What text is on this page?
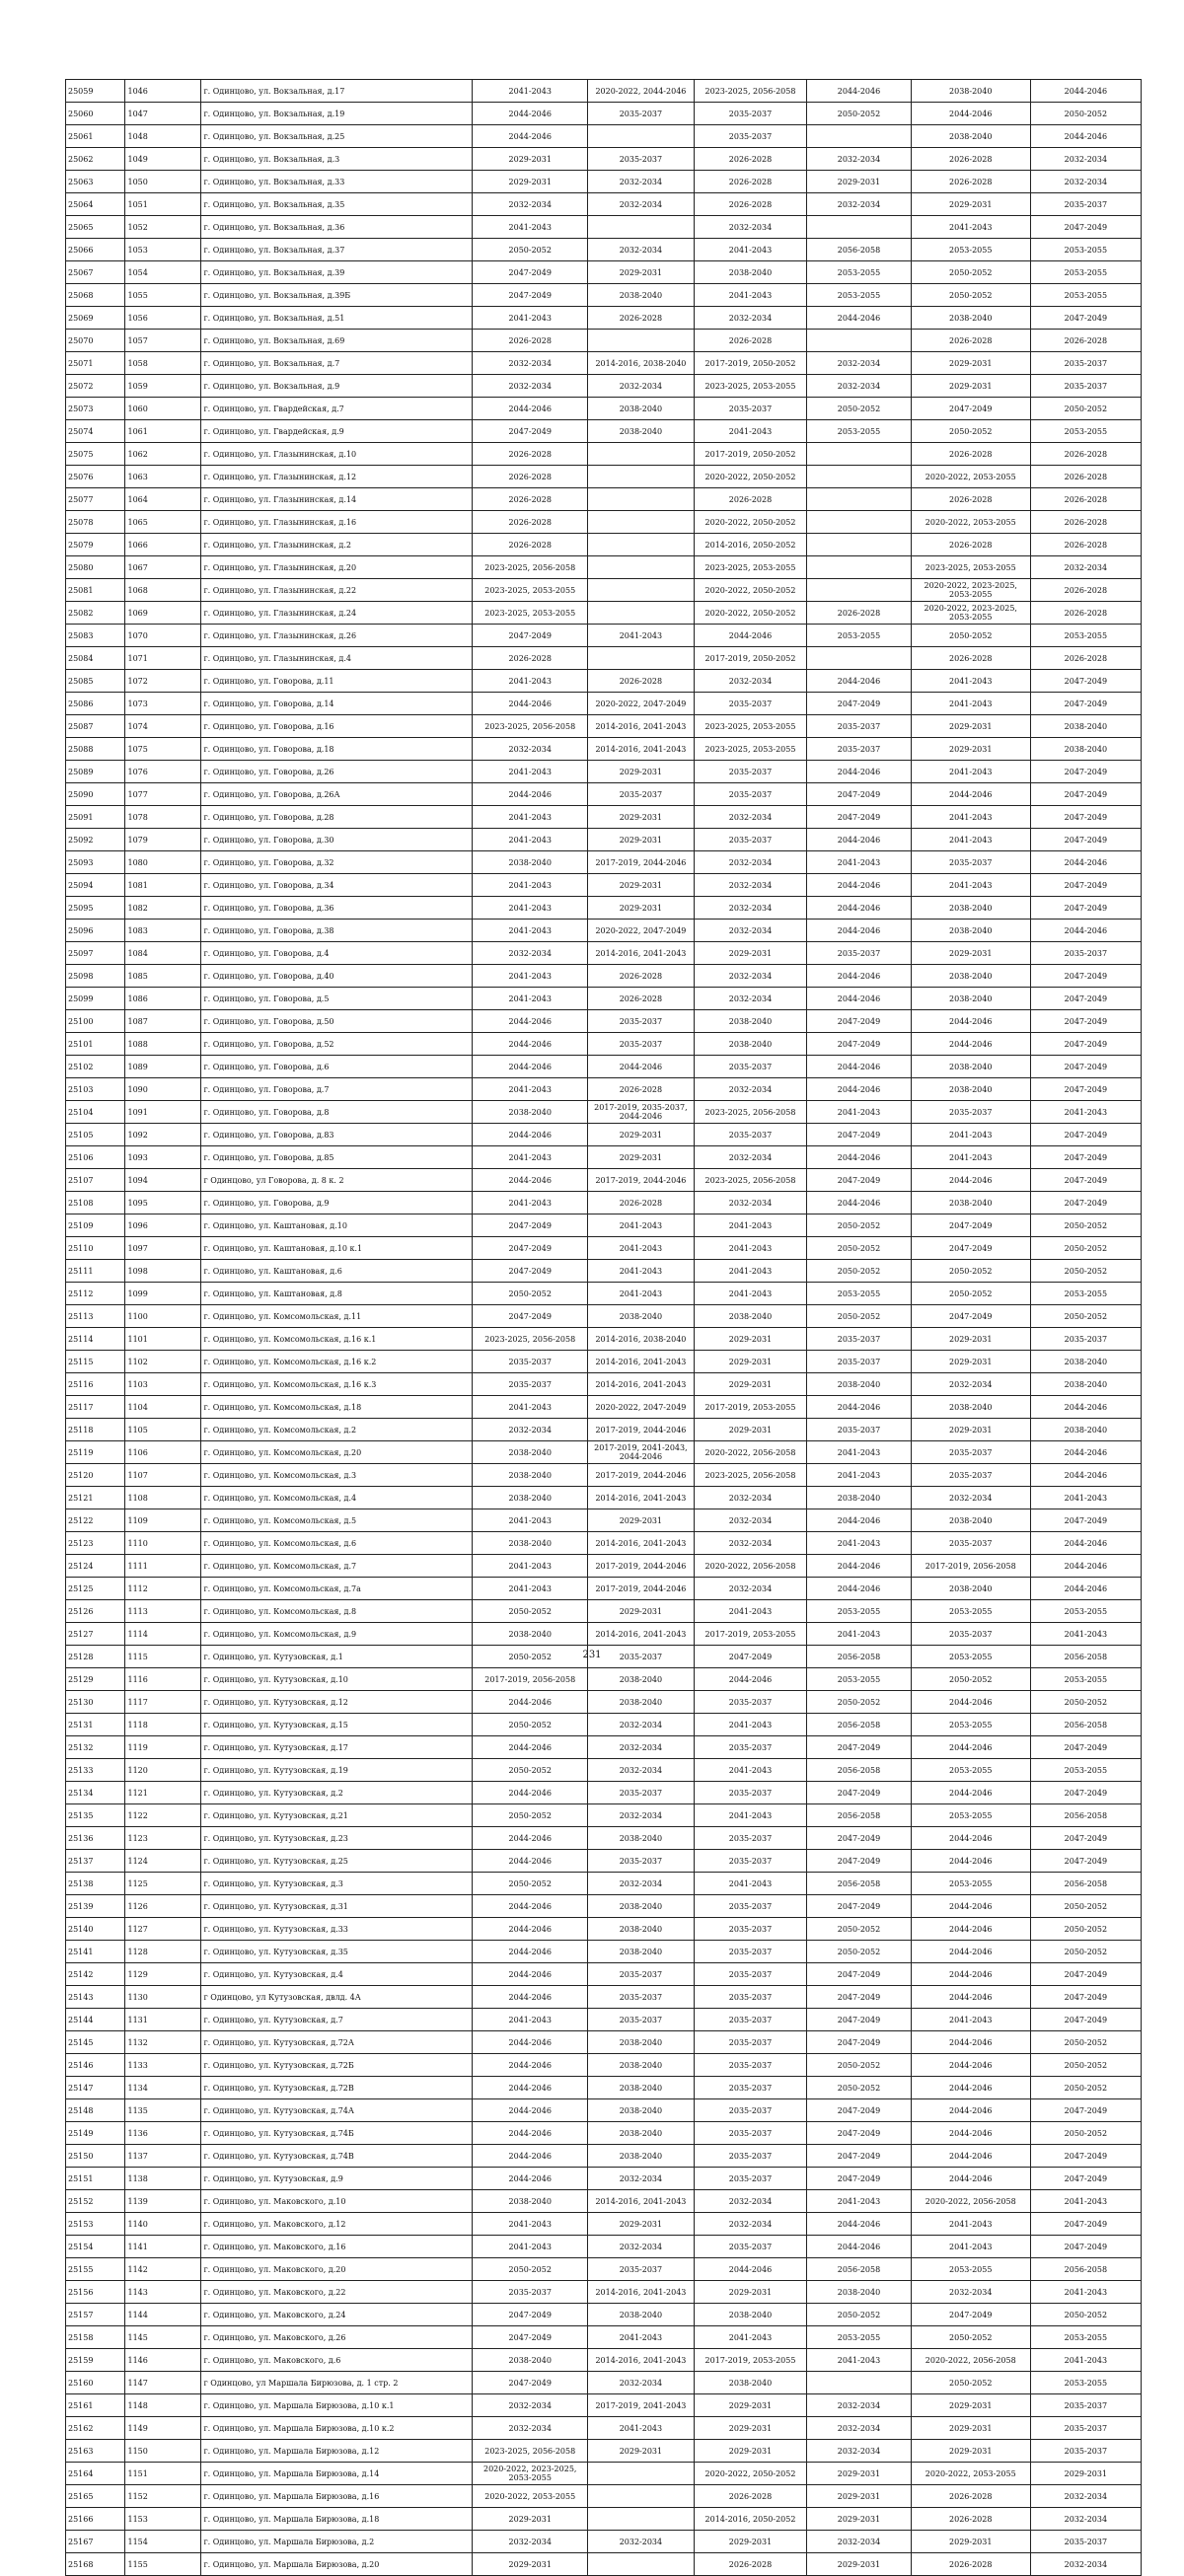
25059	1046	г. Одинцово, ул. Вокзальная, д.17	2041-2043	2020-2022, 2044-2046	2023-2025, 2056-2058	2044-2046	2038-2040	2044-2046
25060	1047	г. Одинцово, ул. Вокзальная, д.19	2044-2046	2035-2037	2035-2037	2050-2052	2044-2046	2050-2052
25061	1048	г. Одинцово, ул. Вокзальная, д.25	2044-2046		2035-2037		2038-2040	2044-2046
25062	1049	г. Одинцово, ул. Вокзальная, д.3	2029-2031	2035-2037	2026-2028	2032-2034	2026-2028	2032-2034
25063	1050	г. Одинцово, ул. Вокзальная, д.33	2029-2031	2032-2034	2026-2028	2029-2031	2026-2028	2032-2034
25064	1051	г. Одинцово, ул. Вокзальная, д.35	2032-2034	2032-2034	2026-2028	2032-2034	2029-2031	2035-2037
25065	1052	г. Одинцово, ул. Вокзальная, д.36	2041-2043		2032-2034		2041-2043	2047-2049
25066	1053	г. Одинцово, ул. Вокзальная, д.37	2050-2052	2032-2034	2041-2043	2056-2058	2053-2055	2053-2055
25067	1054	г. Одинцово, ул. Вокзальная, д.39	2047-2049	2029-2031	2038-2040	2053-2055	2050-2052	2053-2055
25068	1055	г. Одинцово, ул. Вокзальная, д.39Б	2047-2049	2038-2040	2041-2043	2053-2055	2050-2052	2053-2055
25069	1056	г. Одинцово, ул. Вокзальная, д.51	2041-2043	2026-2028	2032-2034	2044-2046	2038-2040	2047-2049
25070	1057	г. Одинцово, ул. Вокзальная, д.69	2026-2028		2026-2028		2026-2028	2026-2028
25071	1058	г. Одинцово, ул. Вокзальная, д.7	2032-2034	2014-2016, 2038-2040	2017-2019, 2050-2052	2032-2034	2029-2031	2035-2037
25072	1059	г. Одинцово, ул. Вокзальная, д.9	2032-2034	2032-2034	2023-2025, 2053-2055	2032-2034	2029-2031	2035-2037
25073	1060	г. Одинцово, ул. Гвардейская, д.7	2044-2046	2038-2040	2035-2037	2050-2052	2047-2049	2050-2052
25074	1061	г. Одинцово, ул. Гвардейская, д.9	2047-2049	2038-2040	2041-2043	2053-2055	2050-2052	2053-2055
25075	1062	г. Одинцово, ул. Глазынинская, д.10	2026-2028		2017-2019, 2050-2052		2026-2028	2026-2028
25076	1063	г. Одинцово, ул. Глазынинская, д.12	2026-2028		2020-2022, 2050-2052		2020-2022, 2053-2055	2026-2028
25077	1064	г. Одинцово, ул. Глазынинская, д.14	2026-2028		2026-2028		2026-2028	2026-2028
25078	1065	г. Одинцово, ул. Глазынинская, д.16	2026-2028		2020-2022, 2050-2052		2020-2022, 2053-2055	2026-2028
25079	1066	г. Одинцово, ул. Глазынинская, д.2	2026-2028		2014-2016, 2050-2052		2026-2028	2026-2028
25080	1067	г. Одинцово, ул. Глазынинская, д.20	2023-2025, 2056-2058		2023-2025, 2053-2055		2023-2025, 2053-2055	2032-2034
25081	1068	г. Одинцово, ул. Глазынинская, д.22	2023-2025, 2053-2055		2020-2022, 2050-2052		2020-2022, 2023-2025, 2053-2055	2026-2028
25082	1069	г. Одинцово, ул. Глазынинская, д.24	2023-2025, 2053-2055		2020-2022, 2050-2052	2026-2028	2020-2022, 2023-2025, 2053-2055	2026-2028
25083	1070	г. Одинцово, ул. Глазынинская, д.26	2047-2049	2041-2043	2044-2046	2053-2055	2050-2052	2053-2055
25084	1071	г. Одинцово, ул. Глазынинская, д.4	2026-2028		2017-2019, 2050-2052		2026-2028	2026-2028
25085	1072	г. Одинцово, ул. Говорова, д.11	2041-2043	2026-2028	2032-2034	2044-2046	2041-2043	2047-2049
25086	1073	г. Одинцово, ул. Говорова, д.14	2044-2046	2020-2022, 2047-2049	2035-2037	2047-2049	2041-2043	2047-2049
25087	1074	г. Одинцово, ул. Говорова, д.16	2023-2025, 2056-2058	2014-2016, 2041-2043	2023-2025, 2053-2055	2035-2037	2029-2031	2038-2040
25088	1075	г. Одинцово, ул. Говорова, д.18	2032-2034	2014-2016, 2041-2043	2023-2025, 2053-2055	2035-2037	2029-2031	2038-2040
25089	1076	г. Одинцово, ул. Говорова, д.26	2041-2043	2029-2031	2035-2037	2044-2046	2041-2043	2047-2049
25090	1077	г. Одинцово, ул. Говорова, д.26А	2044-2046	2035-2037	2035-2037	2047-2049	2044-2046	2047-2049
25091	1078	г. Одинцово, ул. Говорова, д.28	2041-2043	2029-2031	2032-2034	2047-2049	2041-2043	2047-2049
25092	1079	г. Одинцово, ул. Говорова, д.30	2041-2043	2029-2031	2035-2037	2044-2046	2041-2043	2047-2049
25093	1080	г. Одинцово, ул. Говорова, д.32	2038-2040	2017-2019, 2044-2046	2032-2034	2041-2043	2035-2037	2044-2046
25094	1081	г. Одинцово, ул. Говорова, д.34	2041-2043	2029-2031	2032-2034	2044-2046	2041-2043	2047-2049
25095	1082	г. Одинцово, ул. Говорова, д.36	2041-2043	2029-2031	2032-2034	2044-2046	2038-2040	2047-2049
25096	1083	г. Одинцово, ул. Говорова, д.38	2041-2043	2020-2022, 2047-2049	2032-2034	2044-2046	2038-2040	2044-2046
25097	1084	г. Одинцово, ул. Говорова, д.4	2032-2034	2014-2016, 2041-2043	2029-2031	2035-2037	2029-2031	2035-2037
25098	1085	г. Одинцово, ул. Говорова, д.40	2041-2043	2026-2028	2032-2034	2044-2046	2038-2040	2047-2049
25099	1086	г. Одинцово, ул. Говорова, д.5	2041-2043	2026-2028	2032-2034	2044-2046	2038-2040	2047-2049
25100	1087	г. Одинцово, ул. Говорова, д.50	2044-2046	2035-2037	2038-2040	2047-2049	2044-2046	2047-2049
25101	1088	г. Одинцово, ул. Говорова, д.52	2044-2046	2035-2037	2038-2040	2047-2049	2044-2046	2047-2049
25102	1089	г. Одинцово, ул. Говорова, д.6	2044-2046	2044-2046	2035-2037	2044-2046	2038-2040	2047-2049
25103	1090	г. Одинцово, ул. Говорова, д.7	2041-2043	2026-2028	2032-2034	2044-2046	2038-2040	2047-2049
25104	1091	г. Одинцово, ул. Говорова, д.8	2038-2040	2017-2019, 2035-2037, 2044-2046	2023-2025, 2056-2058	2041-2043	2035-2037	2041-2043
25105	1092	г. Одинцово, ул. Говорова, д.83	2044-2046	2029-2031	2035-2037	2047-2049	2041-2043	2047-2049
25106	1093	г. Одинцово, ул. Говорова, д.85	2041-2043	2029-2031	2032-2034	2044-2046	2041-2043	2047-2049
25107	1094	г Одинцово, ул Говорова, д. 8 к. 2	2044-2046	2017-2019, 2044-2046	2023-2025, 2056-2058	2047-2049	2044-2046	2047-2049
25108	1095	г. Одинцово, ул. Говорова, д.9	2041-2043	2026-2028	2032-2034	2044-2046	2038-2040	2047-2049
25109	1096	г. Одинцово, ул. Каштановая, д.10	2047-2049	2041-2043	2041-2043	2050-2052	2047-2049	2050-2052
25110	1097	г. Одинцово, ул. Каштановая, д.10 к.1	2047-2049	2041-2043	2041-2043	2050-2052	2047-2049	2050-2052
25111	1098	г. Одинцово, ул. Каштановая, д.6	2047-2049	2041-2043	2041-2043	2050-2052	2050-2052	2050-2052
25112	1099	г. Одинцово, ул. Каштановая, д.8	2050-2052	2041-2043	2041-2043	2053-2055	2050-2052	2053-2055
25113	1100	г. Одинцово, ул. Комсомольская, д.11	2047-2049	2038-2040	2038-2040	2050-2052	2047-2049	2050-2052
25114	1101	г. Одинцово, ул. Комсомольская, д.16 к.1	2023-2025, 2056-2058	2014-2016, 2038-2040	2029-2031	2035-2037	2029-2031	2035-2037
25115	1102	г. Одинцово, ул. Комсомольская, д.16 к.2	2035-2037	2014-2016, 2041-2043	2029-2031	2035-2037	2029-2031	2038-2040
25116	1103	г. Одинцово, ул. Комсомольская, д.16 к.3	2035-2037	2014-2016, 2041-2043	2029-2031	2038-2040	2032-2034	2038-2040
25117	1104	г. Одинцово, ул. Комсомольская, д.18	2041-2043	2020-2022, 2047-2049	2017-2019, 2053-2055	2044-2046	2038-2040	2044-2046
25118	1105	г. Одинцово, ул. Комсомольская, д.2	2032-2034	2017-2019, 2044-2046	2029-2031	2035-2037	2029-2031	2038-2040
25119	1106	г. Одинцово, ул. Комсомольская, д.20	2038-2040	2017-2019, 2041-2043, 2044-2046	2020-2022, 2056-2058	2041-2043	2035-2037	2044-2046
25120	1107	г. Одинцово, ул. Комсомольская, д.3	2038-2040	2017-2019, 2044-2046	2023-2025, 2056-2058	2041-2043	2035-2037	2044-2046
25121	1108	г. Одинцово, ул. Комсомольская, д.4	2038-2040	2014-2016, 2041-2043	2032-2034	2038-2040	2032-2034	2041-2043
25122	1109	г. Одинцово, ул. Комсомольская, д.5	2041-2043	2029-2031	2032-2034	2044-2046	2038-2040	2047-2049
25123	1110	г. Одинцово, ул. Комсомольская, д.6	2038-2040	2014-2016, 2041-2043	2032-2034	2041-2043	2035-2037	2044-2046
25124	1111	г. Одинцово, ул. Комсомольская, д.7	2041-2043	2017-2019, 2044-2046	2020-2022, 2056-2058	2044-2046	2017-2019, 2056-2058	2044-2046
25125	1112	г. Одинцово, ул. Комсомольская, д.7а	2041-2043	2017-2019, 2044-2046	2032-2034	2044-2046	2038-2040	2044-2046
25126	1113	г. Одинцово, ул. Комсомольская, д.8	2050-2052	2029-2031	2041-2043	2053-2055	2053-2055	2053-2055
25127	1114	г. Одинцово, ул. Комсомольская, д.9	2038-2040	2014-2016, 2041-2043	2017-2019, 2053-2055	2041-2043	2035-2037	2041-2043
25128	1115	г. Одинцово, ул. Кутузовская, д.1	2050-2052	2035-2037	2047-2049	2056-2058	2053-2055	2056-2058
25129	1116	г. Одинцово, ул. Кутузовская, д.10	2017-2019, 2056-2058	2038-2040	2044-2046	2053-2055	2050-2052	2053-2055
25130	1117	г. Одинцово, ул. Кутузовская, д.12	2044-2046	2038-2040	2035-2037	2050-2052	2044-2046	2050-2052
25131	1118	г. Одинцово, ул. Кутузовская, д.15	2050-2052	2032-2034	2041-2043	2056-2058	2053-2055	2056-2058
25132	1119	г. Одинцово, ул. Кутузовская, д.17	2044-2046	2032-2034	2035-2037	2047-2049	2044-2046	2047-2049
25133	1120	г. Одинцово, ул. Кутузовская, д.19	2050-2052	2032-2034	2041-2043	2056-2058	2053-2055	2053-2055
25134	1121	г. Одинцово, ул. Кутузовская, д.2	2044-2046	2035-2037	2035-2037	2047-2049	2044-2046	2047-2049
25135	1122	г. Одинцово, ул. Кутузовская, д.21	2050-2052	2032-2034	2041-2043	2056-2058	2053-2055	2056-2058
25136	1123	г. Одинцово, ул. Кутузовская, д.23	2044-2046	2038-2040	2035-2037	2047-2049	2044-2046	2047-2049
25137	1124	г. Одинцово, ул. Кутузовская, д.25	2044-2046	2035-2037	2035-2037	2047-2049	2044-2046	2047-2049
25138	1125	г. Одинцово, ул. Кутузовская, д.3	2050-2052	2032-2034	2041-2043	2056-2058	2053-2055	2056-2058
25139	1126	г. Одинцово, ул. Кутузовская, д.31	2044-2046	2038-2040	2035-2037	2047-2049	2044-2046	2050-2052
25140	1127	г. Одинцово, ул. Кутузовская, д.33	2044-2046	2038-2040	2035-2037	2050-2052	2044-2046	2050-2052
25141	1128	г. Одинцово, ул. Кутузовская, д.35	2044-2046	2038-2040	2035-2037	2050-2052	2044-2046	2050-2052
25142	1129	г. Одинцово, ул. Кутузовская, д.4	2044-2046	2035-2037	2035-2037	2047-2049	2044-2046	2047-2049
25143	1130	г Одинцово, ул Кутузовская, двлд. 4А	2044-2046	2035-2037	2035-2037	2047-2049	2044-2046	2047-2049
25144	1131	г. Одинцово, ул. Кутузовская, д.7	2041-2043	2035-2037	2035-2037	2047-2049	2041-2043	2047-2049
25145	1132	г. Одинцово, ул. Кутузовская, д.72А	2044-2046	2038-2040	2035-2037	2047-2049	2044-2046	2050-2052
25146	1133	г. Одинцово, ул. Кутузовская, д.72Б	2044-2046	2038-2040	2035-2037	2050-2052	2044-2046	2050-2052
25147	1134	г. Одинцово, ул. Кутузовская, д.72В	2044-2046	2038-2040	2035-2037	2050-2052	2044-2046	2050-2052
25148	1135	г. Одинцово, ул. Кутузовская, д.74А	2044-2046	2038-2040	2035-2037	2047-2049	2044-2046	2047-2049
25149	1136	г. Одинцово, ул. Кутузовская, д.74Б	2044-2046	2038-2040	2035-2037	2047-2049	2044-2046	2050-2052
25150	1137	г. Одинцово, ул. Кутузовская, д.74В	2044-2046	2038-2040	2035-2037	2047-2049	2044-2046	2047-2049
25151	1138	г. Одинцово, ул. Кутузовская, д.9	2044-2046	2032-2034	2035-2037	2047-2049	2044-2046	2047-2049
25152	1139	г. Одинцово, ул. Маковского, д.10	2038-2040	2014-2016, 2041-2043	2032-2034	2041-2043	2020-2022, 2056-2058	2041-2043
25153	1140	г. Одинцово, ул. Маковского, д.12	2041-2043	2029-2031	2032-2034	2044-2046	2041-2043	2047-2049
25154	1141	г. Одинцово, ул. Маковского, д.16	2041-2043	2032-2034	2035-2037	2044-2046	2041-2043	2047-2049
25155	1142	г. Одинцово, ул. Маковского, д.20	2050-2052	2035-2037	2044-2046	2056-2058	2053-2055	2056-2058
25156	1143	г. Одинцово, ул. Маковского, д.22	2035-2037	2014-2016, 2041-2043	2029-2031	2038-2040	2032-2034	2041-2043
25157	1144	г. Одинцово, ул. Маковского, д.24	2047-2049	2038-2040	2038-2040	2050-2052	2047-2049	2050-2052
25158	1145	г. Одинцово, ул. Маковского, д.26	2047-2049	2041-2043	2041-2043	2053-2055	2050-2052	2053-2055
25159	1146	г. Одинцово, ул. Маковского, д.6	2038-2040	2014-2016, 2041-2043	2017-2019, 2053-2055	2041-2043	2020-2022, 2056-2058	2041-2043
25160	1147	г Одинцово, ул Маршала Бирюзова, д. 1 стр. 2	2047-2049	2032-2034	2038-2040		2050-2052	2053-2055
25161	1148	г. Одинцово, ул. Маршала Бирюзова, д.10 к.1	2032-2034	2017-2019, 2041-2043	2029-2031	2032-2034	2029-2031	2035-2037
25162	1149	г. Одинцово, ул. Маршала Бирюзова, д.10 к.2	2032-2034	2041-2043	2029-2031	2032-2034	2029-2031	2035-2037
25163	1150	г. Одинцово, ул. Маршала Бирюзова, д.12	2023-2025, 2056-2058	2029-2031	2029-2031	2032-2034	2029-2031	2035-2037
25164	1151	г. Одинцово, ул. Маршала Бирюзова, д.14	2020-2022, 2023-2025, 2053-2055		2020-2022, 2050-2052	2029-2031	2020-2022, 2053-2055	2029-2031
25165	1152	г. Одинцово, ул. Маршала Бирюзова, д.16	2020-2022, 2053-2055		2026-2028	2029-2031	2026-2028	2032-2034
25166	1153	г. Одинцово, ул. Маршала Бирюзова, д.18	2029-2031		2014-2016, 2050-2052	2029-2031	2026-2028	2032-2034
25167	1154	г. Одинцово, ул. Маршала Бирюзова, д.2	2032-2034	2032-2034	2029-2031	2032-2034	2029-2031	2035-2037
25168	1155	г. Одинцово, ул. Маршала Бирюзова, д.20	2029-2031		2026-2028	2029-2031	2026-2028	2032-2034
231
